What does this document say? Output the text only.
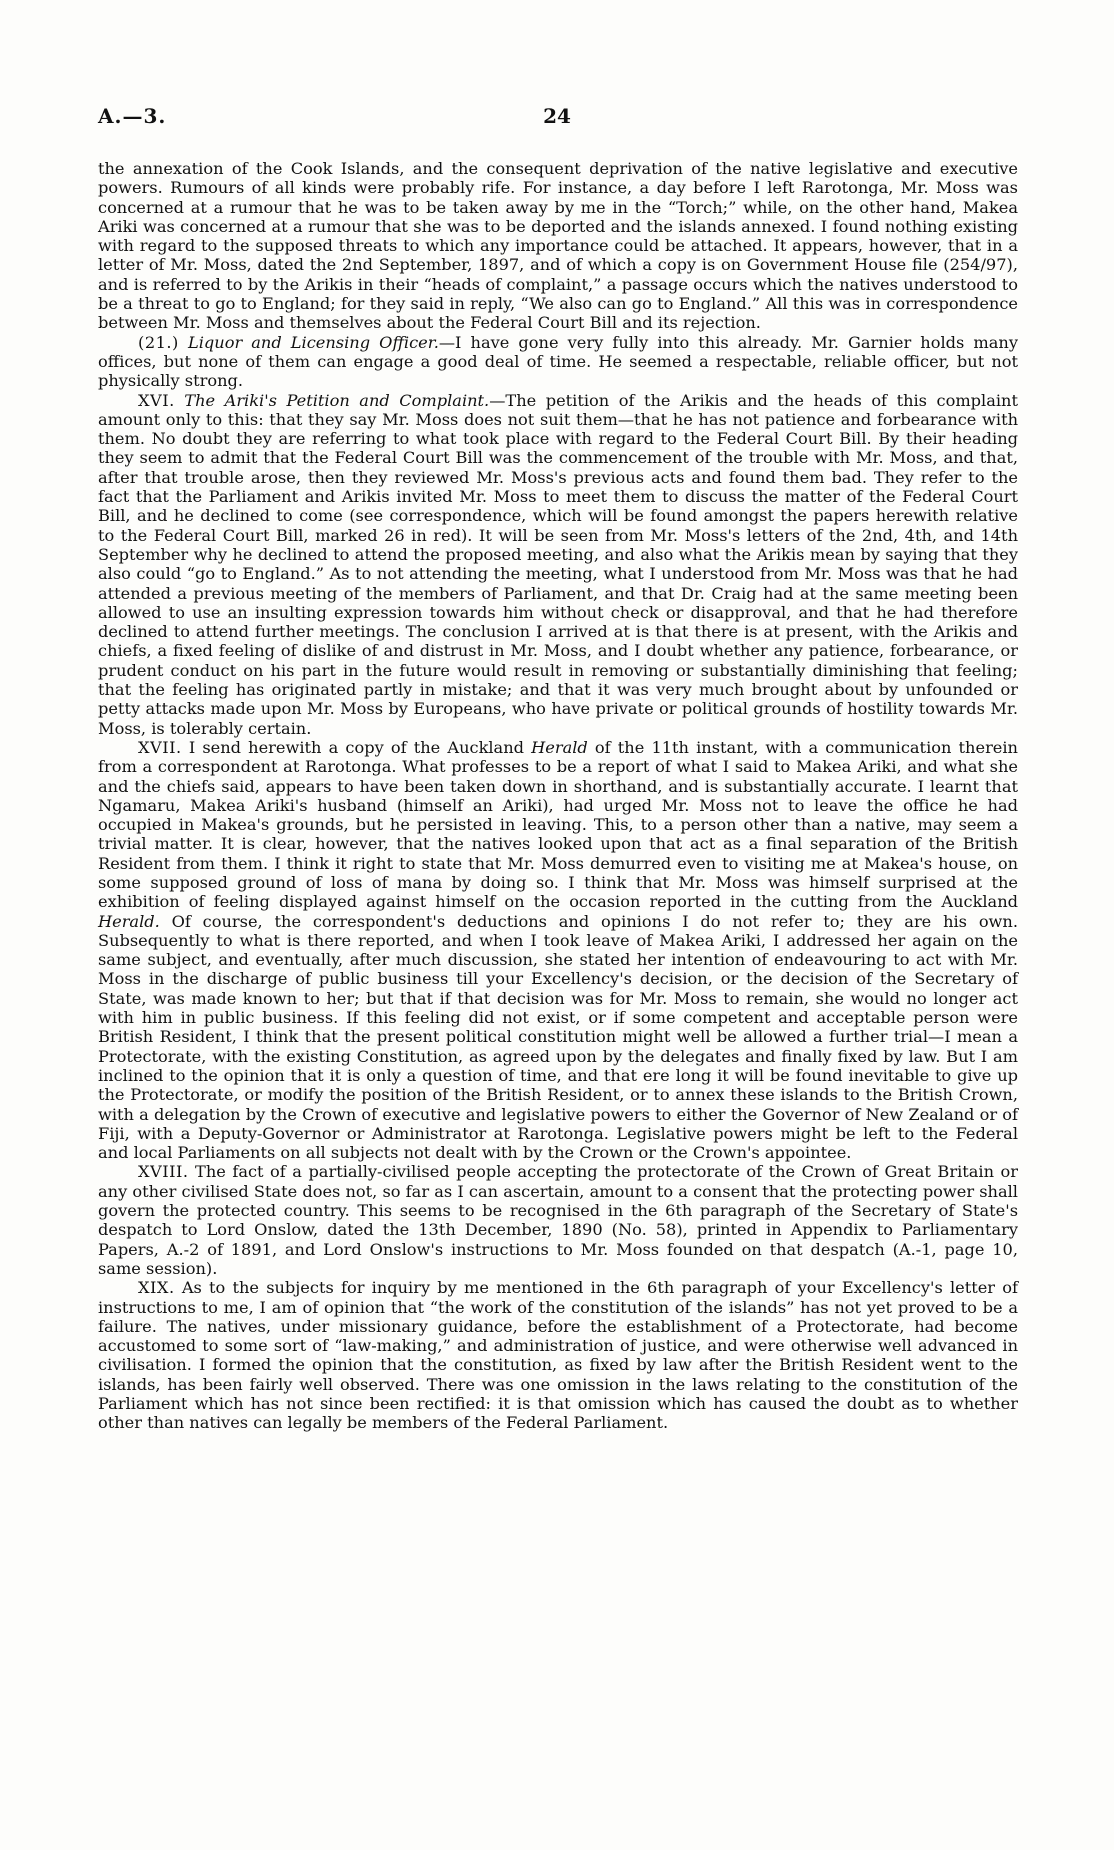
A.—3.	24

the annexation of the Cook Islands, and the consequent deprivation of the native legislative and executive powers. Rumours of all kinds were probably rife. For instance, a day before I left Rarotonga, Mr. Moss was concerned at a rumour that he was to be taken away by me in the “Torch;” while, on the other hand, Makea Ariki was concerned at a rumour that she was to be deported and the islands annexed. I found nothing existing with regard to the supposed threats to which any importance could be attached. It appears, however, that in a letter of Mr. Moss, dated the 2nd September, 1897, and of which a copy is on Government House file (254/97), and is referred to by the Arikis in their “heads of complaint,” a passage occurs which the natives understood to be a threat to go to England; for they said in reply, “We also can go to England.” All this was in correspondence between Mr. Moss and themselves about the Federal Court Bill and its rejection.

(21.) Liquor and Licensing Officer.—I have gone very fully into this already. Mr. Garnier holds many offices, but none of them can engage a good deal of time. He seemed a respectable, reliable officer, but not physically strong.

XVI. The Ariki's Petition and Complaint.—The petition of the Arikis and the heads of this complaint amount only to this: that they say Mr. Moss does not suit them—that he has not patience and forbearance with them. No doubt they are referring to what took place with regard to the Federal Court Bill. By their heading they seem to admit that the Federal Court Bill was the commencement of the trouble with Mr. Moss, and that, after that trouble arose, then they reviewed Mr. Moss's previous acts and found them bad. They refer to the fact that the Parliament and Arikis invited Mr. Moss to meet them to discuss the matter of the Federal Court Bill, and he declined to come (see correspondence, which will be found amongst the papers herewith relative to the Federal Court Bill, marked 26 in red). It will be seen from Mr. Moss's letters of the 2nd, 4th, and 14th September why he declined to attend the proposed meeting, and also what the Arikis mean by saying that they also could “go to England.” As to not attending the meeting, what I understood from Mr. Moss was that he had attended a previous meeting of the members of Parliament, and that Dr. Craig had at the same meeting been allowed to use an insulting expression towards him without check or disapproval, and that he had therefore declined to attend further meetings. The conclusion I arrived at is that there is at present, with the Arikis and chiefs, a fixed feeling of dislike of and distrust in Mr. Moss, and I doubt whether any patience, forbearance, or prudent conduct on his part in the future would result in removing or substantially diminishing that feeling; that the feeling has originated partly in mistake; and that it was very much brought about by unfounded or petty attacks made upon Mr. Moss by Europeans, who have private or political grounds of hostility towards Mr. Moss, is tolerably certain.

XVII. I send herewith a copy of the Auckland Herald of the 11th instant, with a communication therein from a correspondent at Rarotonga. What professes to be a report of what I said to Makea Ariki, and what she and the chiefs said, appears to have been taken down in shorthand, and is substantially accurate. I learnt that Ngamaru, Makea Ariki's husband (himself an Ariki), had urged Mr. Moss not to leave the office he had occupied in Makea's grounds, but he persisted in leaving. This, to a person other than a native, may seem a trivial matter. It is clear, however, that the natives looked upon that act as a final separation of the British Resident from them. I think it right to state that Mr. Moss demurred even to visiting me at Makea's house, on some supposed ground of loss of mana by doing so. I think that Mr. Moss was himself surprised at the exhibition of feeling displayed against himself on the occasion reported in the cutting from the Auckland Herald. Of course, the correspondent's deductions and opinions I do not refer to; they are his own. Subsequently to what is there reported, and when I took leave of Makea Ariki, I addressed her again on the same subject, and eventually, after much discussion, she stated her intention of endeavouring to act with Mr. Moss in the discharge of public business till your Excellency's decision, or the decision of the Secretary of State, was made known to her; but that if that decision was for Mr. Moss to remain, she would no longer act with him in public business. If this feeling did not exist, or if some competent and acceptable person were British Resident, I think that the present political constitution might well be allowed a further trial—I mean a Protectorate, with the existing Constitution, as agreed upon by the delegates and finally fixed by law. But I am inclined to the opinion that it is only a question of time, and that ere long it will be found inevitable to give up the Protectorate, or modify the position of the British Resident, or to annex these islands to the British Crown, with a delegation by the Crown of executive and legislative powers to either the Governor of New Zealand or of Fiji, with a Deputy-Governor or Administrator at Rarotonga. Legislative powers might be left to the Federal and local Parliaments on all subjects not dealt with by the Crown or the Crown's appointee.

XVIII. The fact of a partially-civilised people accepting the protectorate of the Crown of Great Britain or any other civilised State does not, so far as I can ascertain, amount to a consent that the protecting power shall govern the protected country. This seems to be recognised in the 6th paragraph of the Secretary of State's despatch to Lord Onslow, dated the 13th December, 1890 (No. 58), printed in Appendix to Parliamentary Papers, A.-2 of 1891, and Lord Onslow's instructions to Mr. Moss founded on that despatch (A.-1, page 10, same session).

XIX. As to the subjects for inquiry by me mentioned in the 6th paragraph of your Excellency's letter of instructions to me, I am of opinion that “the work of the constitution of the islands” has not yet proved to be a failure. The natives, under missionary guidance, before the establishment of a Protectorate, had become accustomed to some sort of “law-making,” and administration of justice, and were otherwise well advanced in civilisation. I formed the opinion that the constitution, as fixed by law after the British Resident went to the islands, has been fairly well observed. There was one omission in the laws relating to the constitution of the Parliament which has not since been rectified: it is that omission which has caused the doubt as to whether other than natives can legally be members of the Federal Parliament.
